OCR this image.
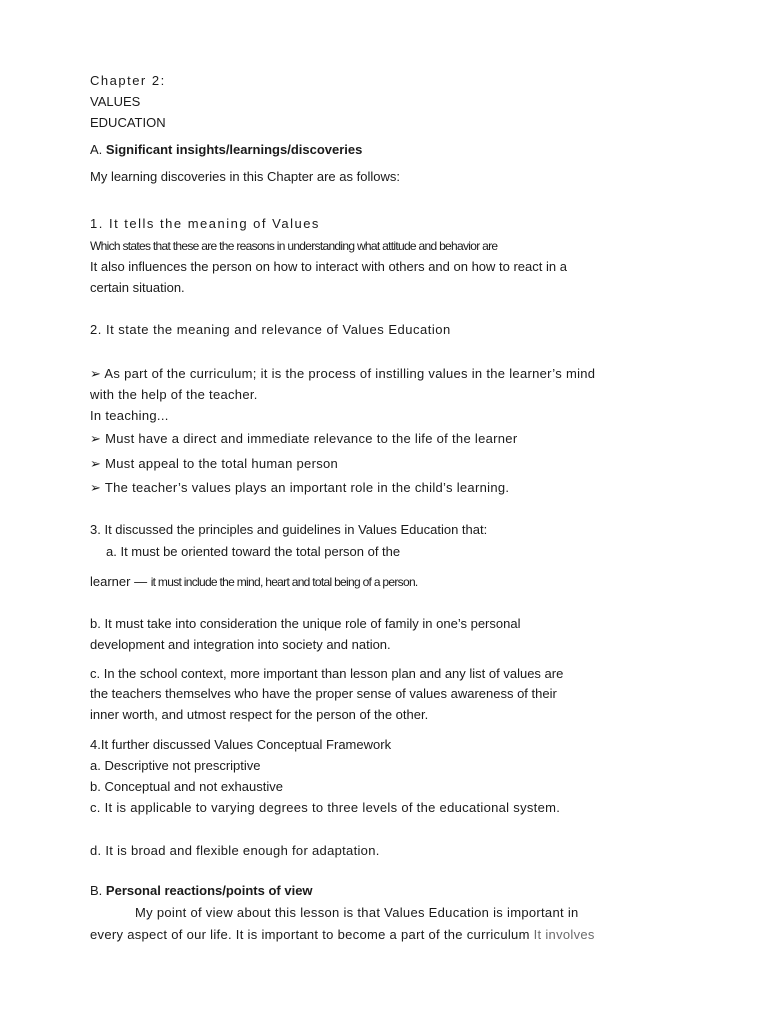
Chapter 2:
VALUES
EDUCATION
A. Significant insights/learnings/discoveries
My learning discoveries in this Chapter are as follows:
1. It tells the meaning of Values
Which states that these are the reasons in understanding what attitude and behavior are
It also influences the person on how to interact with others and on how to react in a
certain situation.
2. It state the meaning and relevance of Values Education
➢ As part of the curriculum; it is the process of instilling values in the learner’s mind
with the help of the teacher.
In teaching...
➢ Must have a direct and immediate relevance to the life of the learner
➢ Must appeal to the total human person
➢ The teacher’s values plays an important role in the child’s learning.
3. It discussed the principles and guidelines in Values Education that:
a. It must be oriented toward the total person of the
learner — it must include the mind, heart and total being of a person.
b. It must take into consideration the unique role of family in one’s personal
development and integration into society and nation.
c. In the school context, more important than lesson plan and any list of values are
the teachers themselves who have the proper sense of values awareness of their
inner worth, and utmost respect for the person of the other.
4.It further discussed Values Conceptual Framework
a. Descriptive not prescriptive
b. Conceptual and not exhaustive
c. It is applicable to varying degrees to three levels of the educational system.
d. It is broad and flexible enough for adaptation.
B. Personal reactions/points of view
My point of view about this lesson is that Values Education is important in
every aspect of our life. It is important to become a part of the curriculum It involves
